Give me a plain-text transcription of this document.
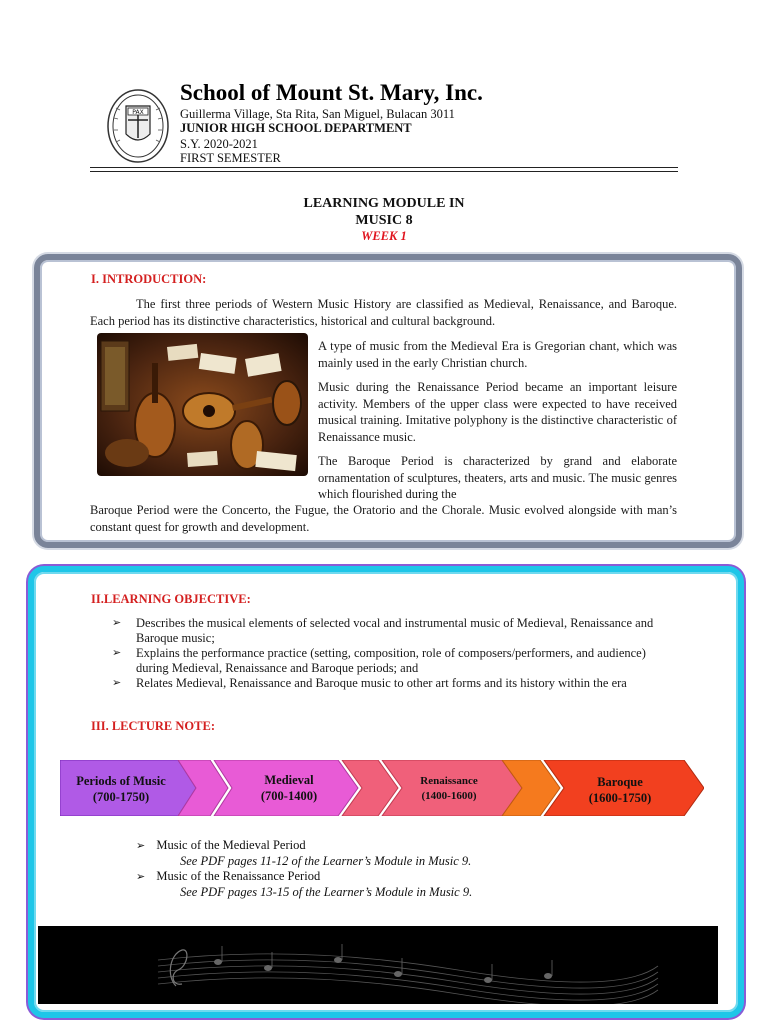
PAX
School of Mount St. Mary, Inc.
Guillerma Village, Sta Rita, San Miguel, Bulacan 3011
JUNIOR HIGH SCHOOL DEPARTMENT
S.Y. 2020-2021
FIRST SEMESTER
LEARNING MODULE IN
MUSIC 8
WEEK 1
I. INTRODUCTION:
The first three periods of Western Music History are classified as Medieval, Renaissance, and Baroque. Each period has its distinctive characteristics, historical and cultural background.
A type of music from the Medieval Era is Gregorian chant, which was mainly used in the early Christian church.
Music during the Renaissance Period became an important leisure activity. Members of the upper class were expected to have received musical training. Imitative polyphony is the distinctive characteristic of Renaissance music.
The Baroque Period is characterized by grand and elaborate ornamentation of sculptures, theaters, arts and music. The music genres which flourished during the
Baroque Period were the Concerto, the Fugue, the Oratorio and the Chorale. Music evolved alongside with man’s constant quest for growth and development.
II.LEARNING OBJECTIVE:
➢ Describes the musical elements of selected vocal and instrumental music of Medieval, Renaissance and Baroque music;
➢ Explains the performance practice (setting, composition, role of composers/performers, and audience) during Medieval, Renaissance and Baroque periods; and
➢ Relates Medieval, Renaissance and Baroque music to other art forms and its history within the era
III. LECTURE NOTE:
Periods of Music
(700-1750)
Medieval
(700-1400)
Renaissance
(1400-1600)
Baroque
(1600-1750)
➢ Music of the Medieval Period
See PDF pages 11-12 of the Learner’s Module in Music 9.
➢ Music of the Renaissance Period
See PDF pages 13-15 of the Learner’s Module in Music 9.
